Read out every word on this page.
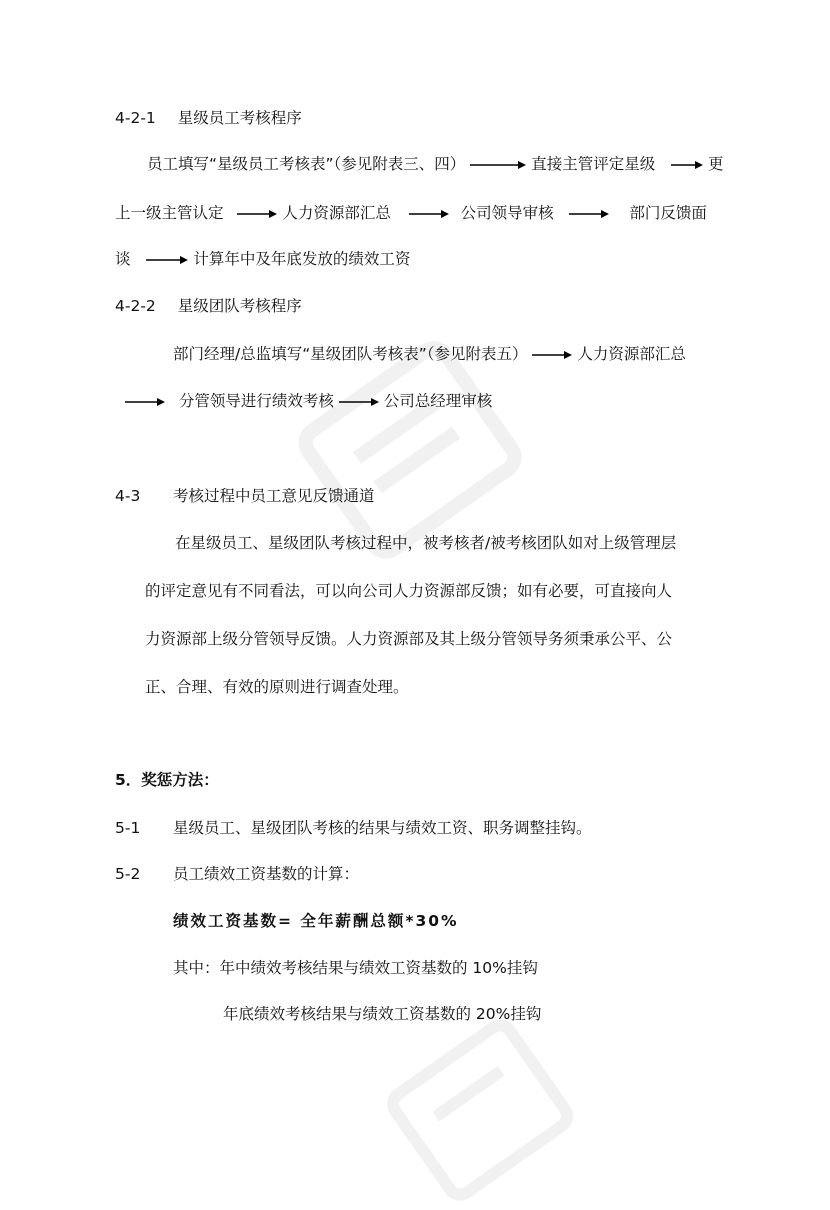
4-2-1 星级员工考核程序
员工填写“星级员工考核表”（参见附表三、四）	直接主管评定星级	更
上一级主管认定	人力资源部汇总	公司领导审核	部门反馈面
谈	计算年中及年底发放的绩效工资
4-2-2 星级团队考核程序
部门经理/总监填写“星级团队考核表”（参见附表五）	人力资源部汇总
分管领导进行绩效考核	公司总经理审核
4-3 考核过程中员工意见反馈通道
在星级员工、星级团队考核过程中，被考核者/被考核团队如对上级管理层
的评定意见有不同看法，可以向公司人力资源部反馈；如有必要，可直接向人
力资源部上级分管领导反馈。人力资源部及其上级分管领导务须秉承公平、公
正、合理、有效的原则进行调查处理。
5．奖惩方法：
5-1 星级员工、星级团队考核的结果与绩效工资、职务调整挂钩。
5-2 员工绩效工资基数的计算：
绩效工资基数= 全年薪酬总额*30%
其中：年中绩效考核结果与绩效工资基数的 10%挂钩
年底绩效考核结果与绩效工资基数的 20%挂钩
